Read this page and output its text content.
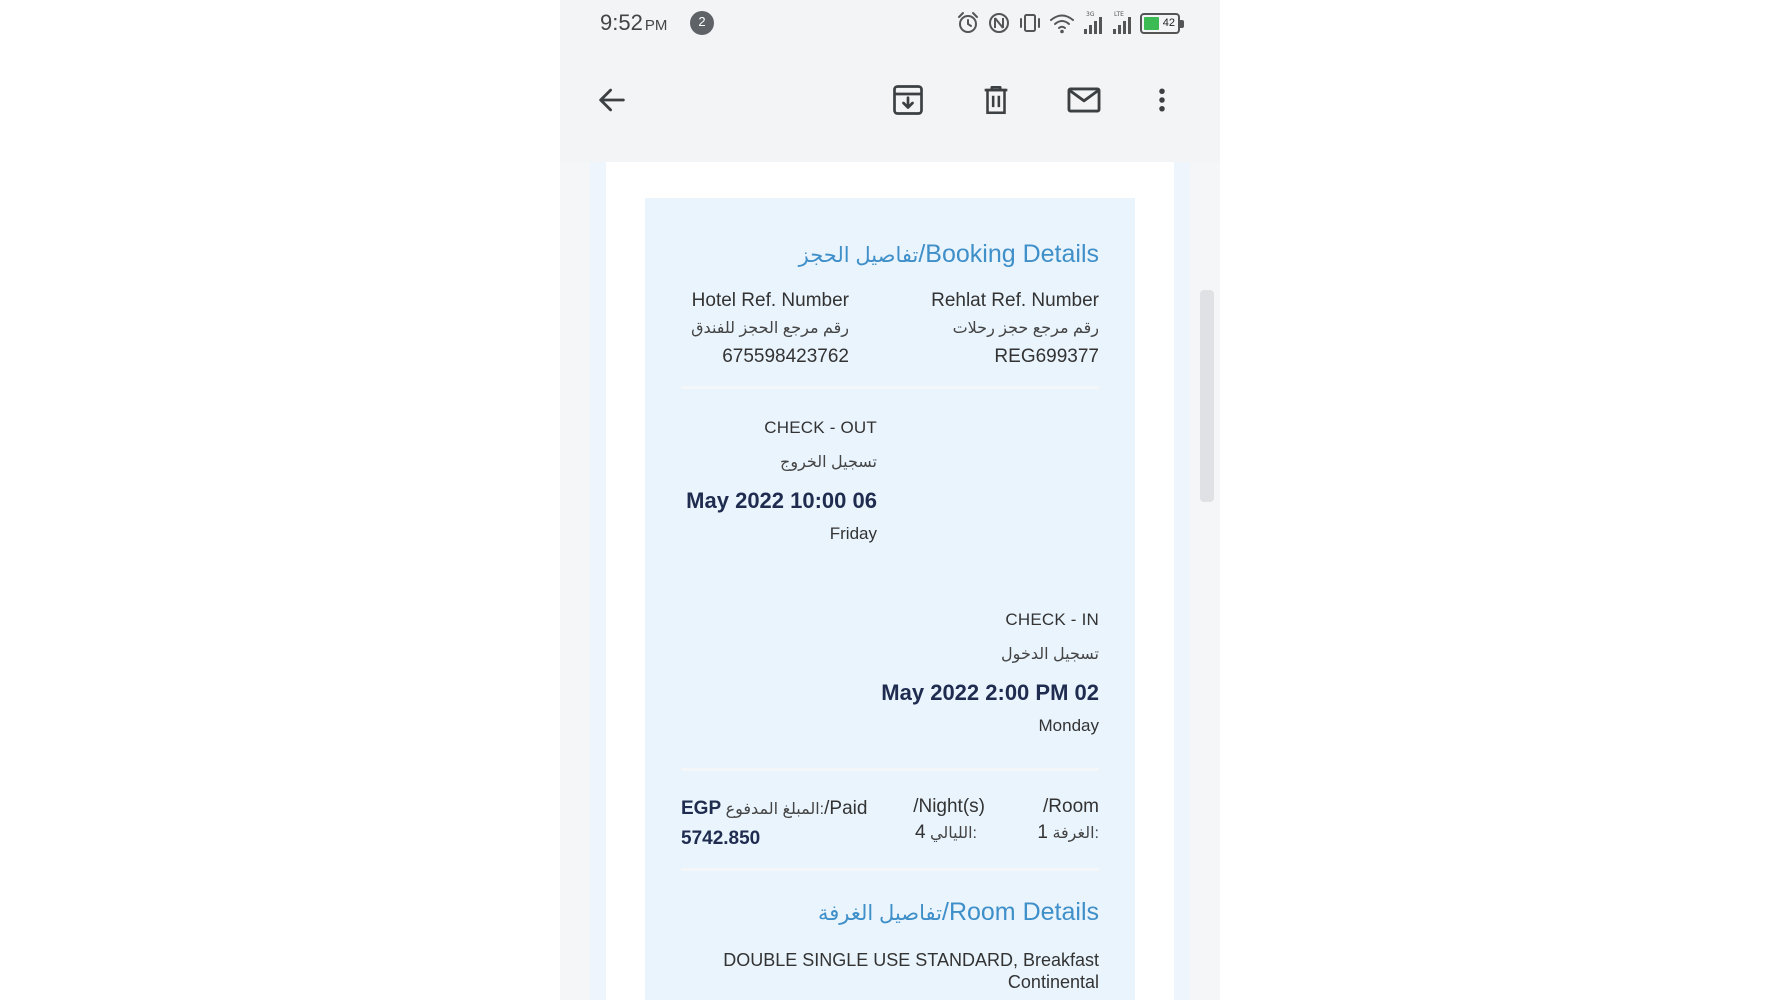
9:52 PM	2	3G	LTE
42
تفاصيل الحجز/Booking Details
Rehlat Ref. Number
رقم مرجع حجز رحلات
REG699377
Hotel Ref. Number
رقم مرجع الحجز للفندق
675598423762
CHECK - OUT
تسجيل الخروج
May 2022 10:00 06
Friday
CHECK - IN
تسجيل الدخول
May 2022 2:00 PM 02
Monday
/Room
1 الغرفة:
/Night(s)
4 الليالي:
EGP المبلغ المدفوع:/Paid
5742.850
تفاصيل الغرفة/Room Details
DOUBLE SINGLE USE STANDARD, Breakfast
Continental
